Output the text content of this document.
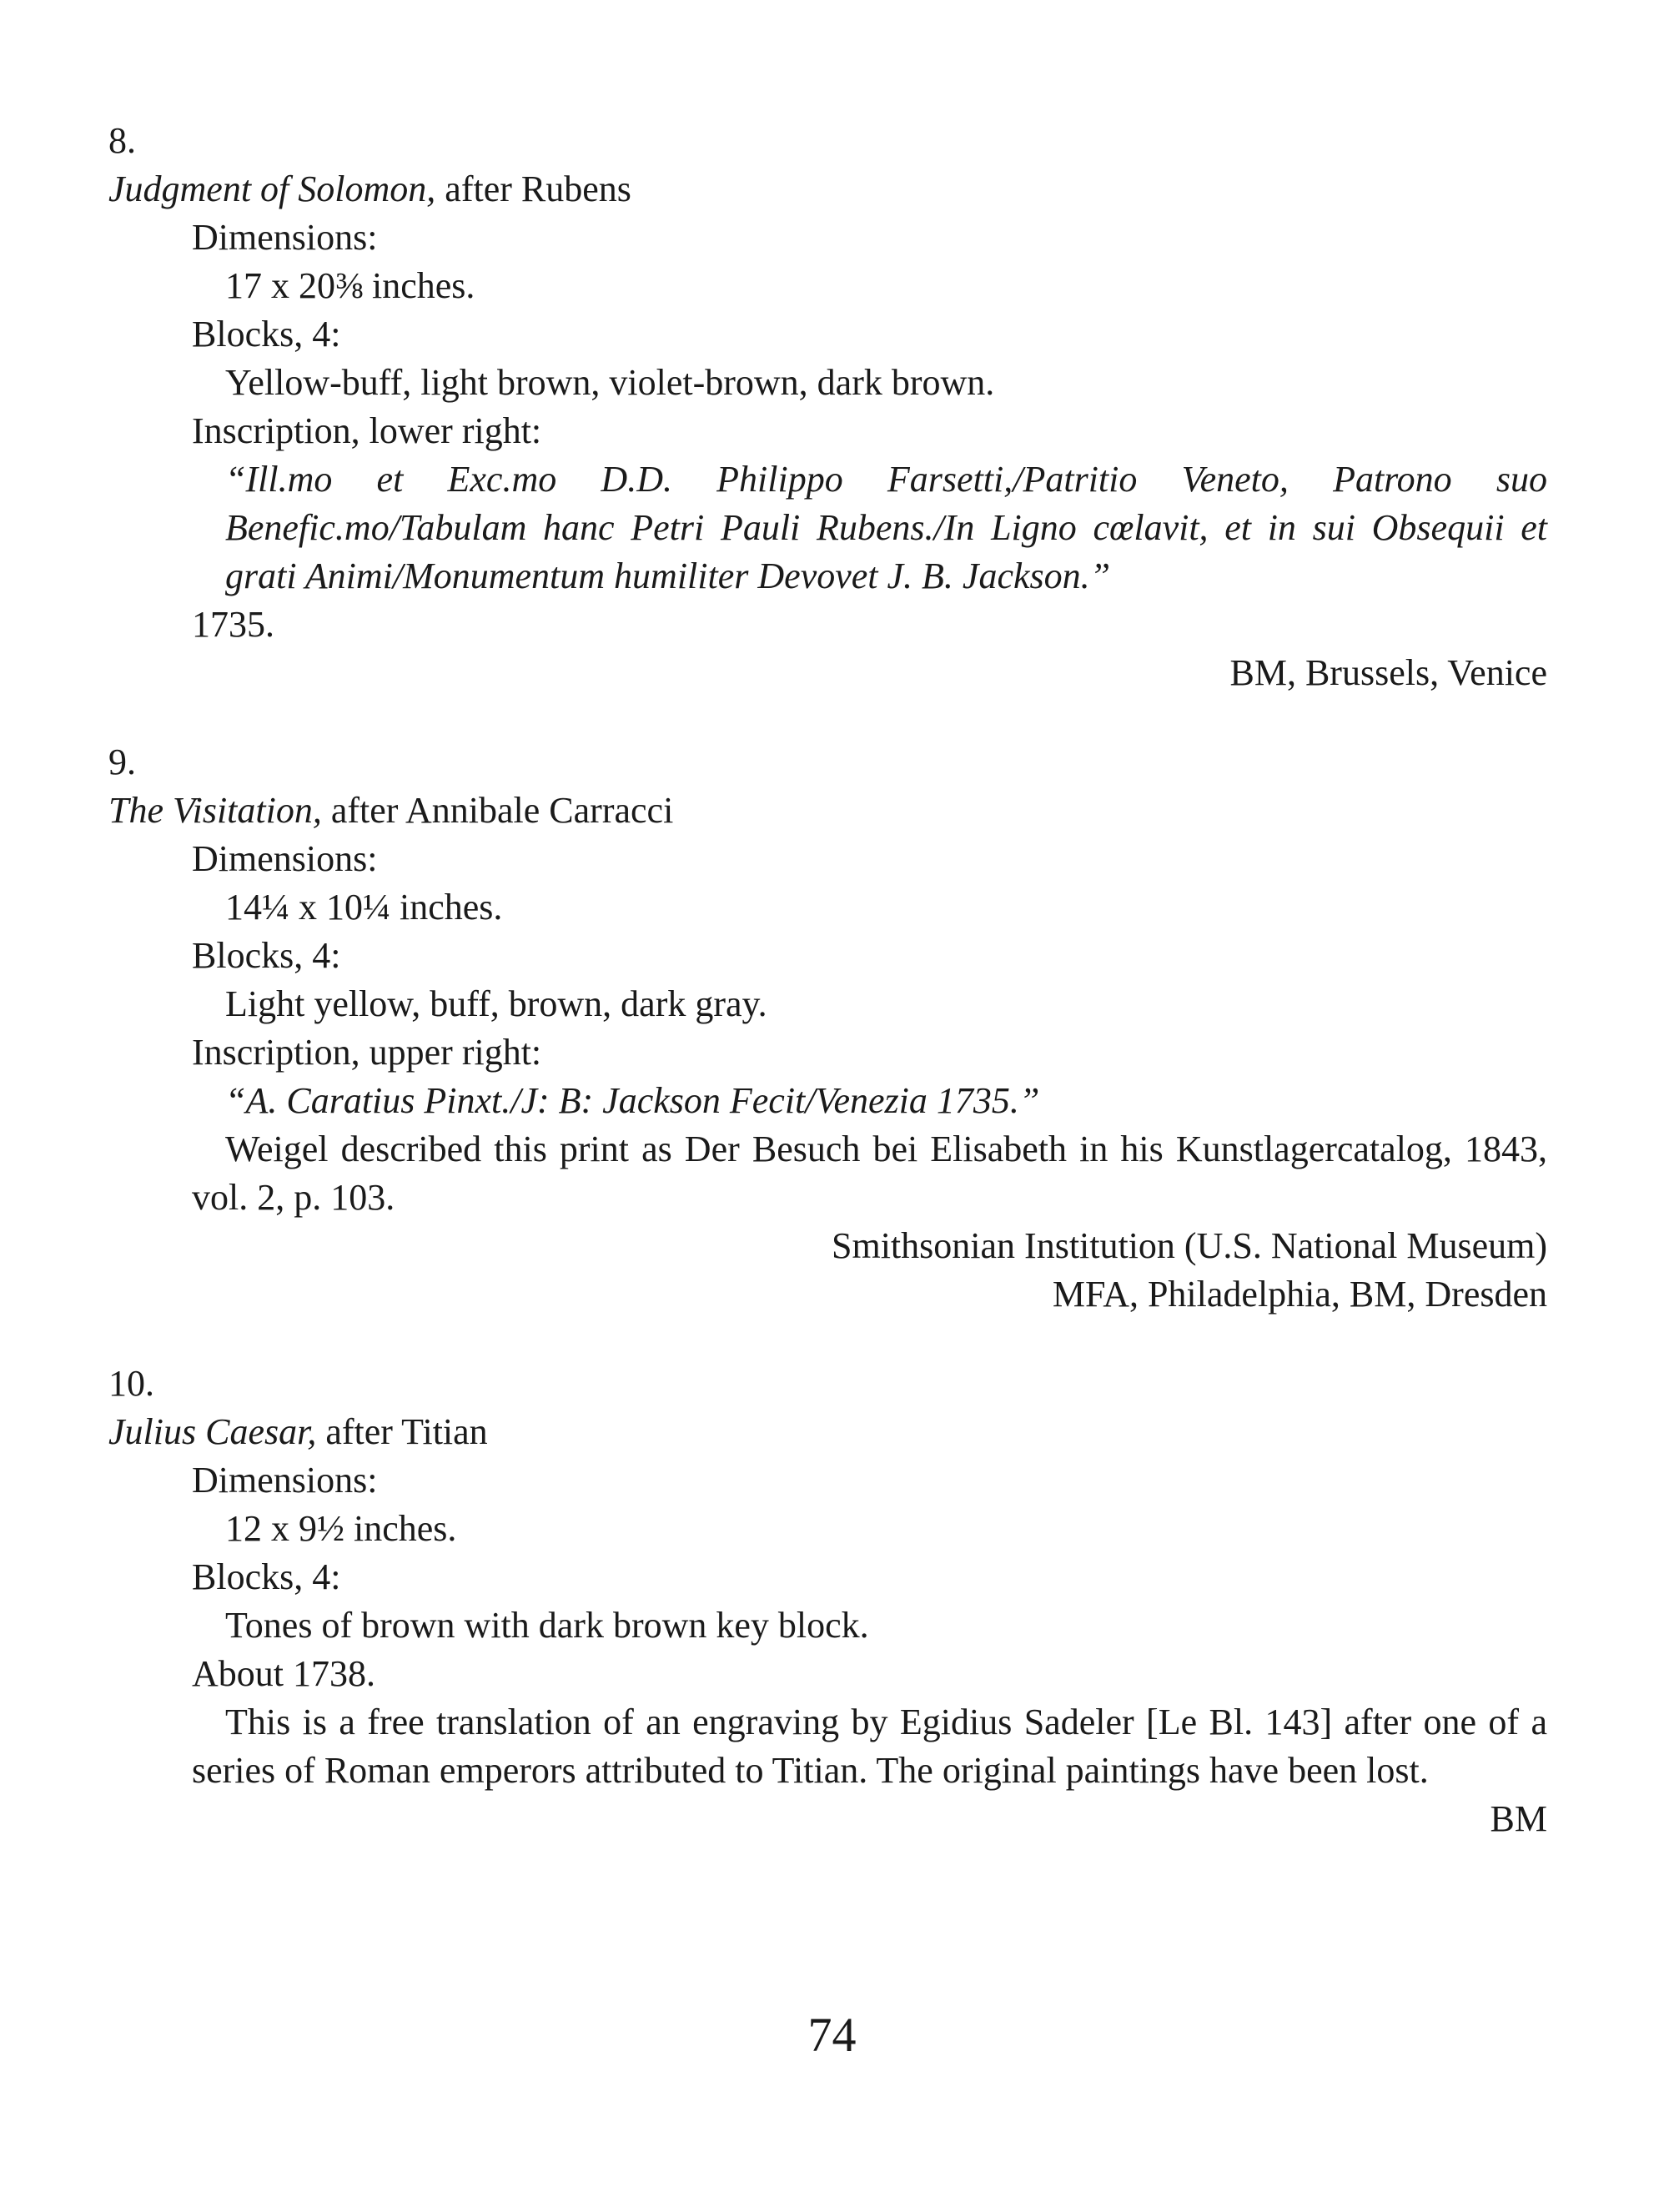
8.
Judgment of Solomon, after Rubens
Dimensions:
17 x 20⅜ inches.
Blocks, 4:
Yellow-buff, light brown, violet-brown, dark brown.
Inscription, lower right:
“Ill.mo et Exc.mo D.D. Philippo Farsetti,/Patritio Veneto, Patrono suo Benefic.mo/Tabulam hanc Petri Pauli Rubens./In Ligno cœlavit, et in sui Obsequii et grati Animi/Monumentum humiliter Devovet J. B. Jackson.”
1735.
BM, Brussels, Venice
9.
The Visitation, after Annibale Carracci
Dimensions:
14¼ x 10¼ inches.
Blocks, 4:
Light yellow, buff, brown, dark gray.
Inscription, upper right:
“A. Caratius Pinxt./J: B: Jackson Fecit/Venezia 1735.”
Weigel described this print as Der Besuch bei Elisabeth in his Kunstlagercatalog, 1843, vol. 2, p. 103.
Smithsonian Institution (U.S. National Museum)
MFA, Philadelphia, BM, Dresden
10.
Julius Caesar, after Titian
Dimensions:
12 x 9½ inches.
Blocks, 4:
Tones of brown with dark brown key block.
About 1738.
This is a free translation of an engraving by Egidius Sadeler [Le Bl. 143] after one of a series of Roman emperors attributed to Titian. The original paintings have been lost.
BM
74
